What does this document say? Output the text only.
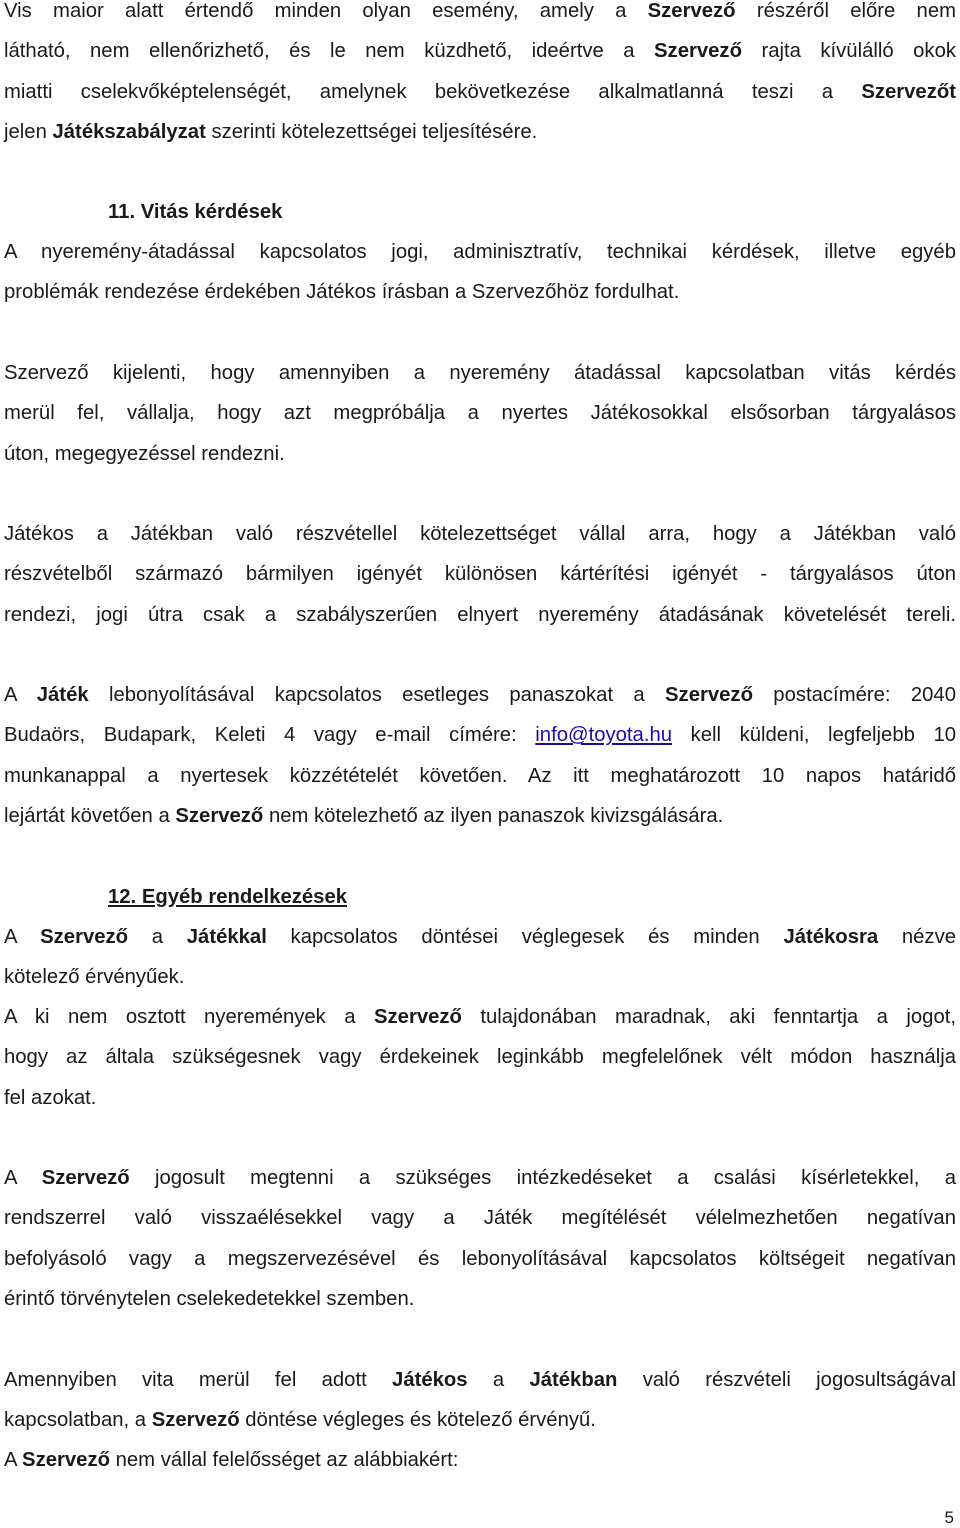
Vis maior alatt értendő minden olyan esemény, amely a Szervező részéről előre nem
látható, nem ellenőrizhető, és le nem küzdhető, ideértve a Szervező rajta kívülálló okok
miatti cselekvőképtelenségét, amelynek bekövetkezése alkalmatlanná teszi a Szervezőt
jelen Játékszabályzat szerinti kötelezettségei teljesítésére.
11. Vitás kérdések
A nyeremény-átadással kapcsolatos jogi, adminisztratív, technikai kérdések, illetve egyéb
problémák rendezése érdekében Játékos írásban a Szervezőhöz fordulhat.
Szervező kijelenti, hogy amennyiben a nyeremény átadással kapcsolatban vitás kérdés
merül fel, vállalja, hogy azt megpróbálja a nyertes Játékosokkal elsősorban tárgyalásos
úton, megegyezéssel rendezni.
Játékos a Játékban való részvétellel kötelezettséget vállal arra, hogy a Játékban való
részvételből származó bármilyen igényét különösen kártérítési igényét - tárgyalásos úton
rendezi, jogi útra csak a szabályszerűen elnyert nyeremény átadásának követelését tereli.
A Játék lebonyolításával kapcsolatos esetleges panaszokat a Szervező postacímére: 2040
Budaörs, Budapark, Keleti 4 vagy e-mail címére: info@toyota.hu kell küldeni, legfeljebb 10
munkanappal a nyertesek közzétételét követően. Az itt meghatározott 10 napos határidő
lejártát követően a Szervező nem kötelezhető az ilyen panaszok kivizsgálására.
12. Egyéb rendelkezések
A Szervező a Játékkal kapcsolatos döntései véglegesek és minden Játékosra nézve
kötelező érvényűek.
A ki nem osztott nyeremények a Szervező tulajdonában maradnak, aki fenntartja a jogot,
hogy az általa szükségesnek vagy érdekeinek leginkább megfelelőnek vélt módon használja
fel azokat.
A Szervező jogosult megtenni a szükséges intézkedéseket a csalási kísérletekkel, a
rendszerrel való visszaélésekkel vagy a Játék megítélését vélelmezhetően negatívan
befolyásoló vagy a megszervezésével és lebonyolításával kapcsolatos költségeit negatívan
érintő törvénytelen cselekedetekkel szemben.
Amennyiben vita merül fel adott Játékos a Játékban való részvételi jogosultságával
kapcsolatban, a Szervező döntése végleges és kötelező érvényű.
A Szervező nem vállal felelősséget az alábbiakért:
5
